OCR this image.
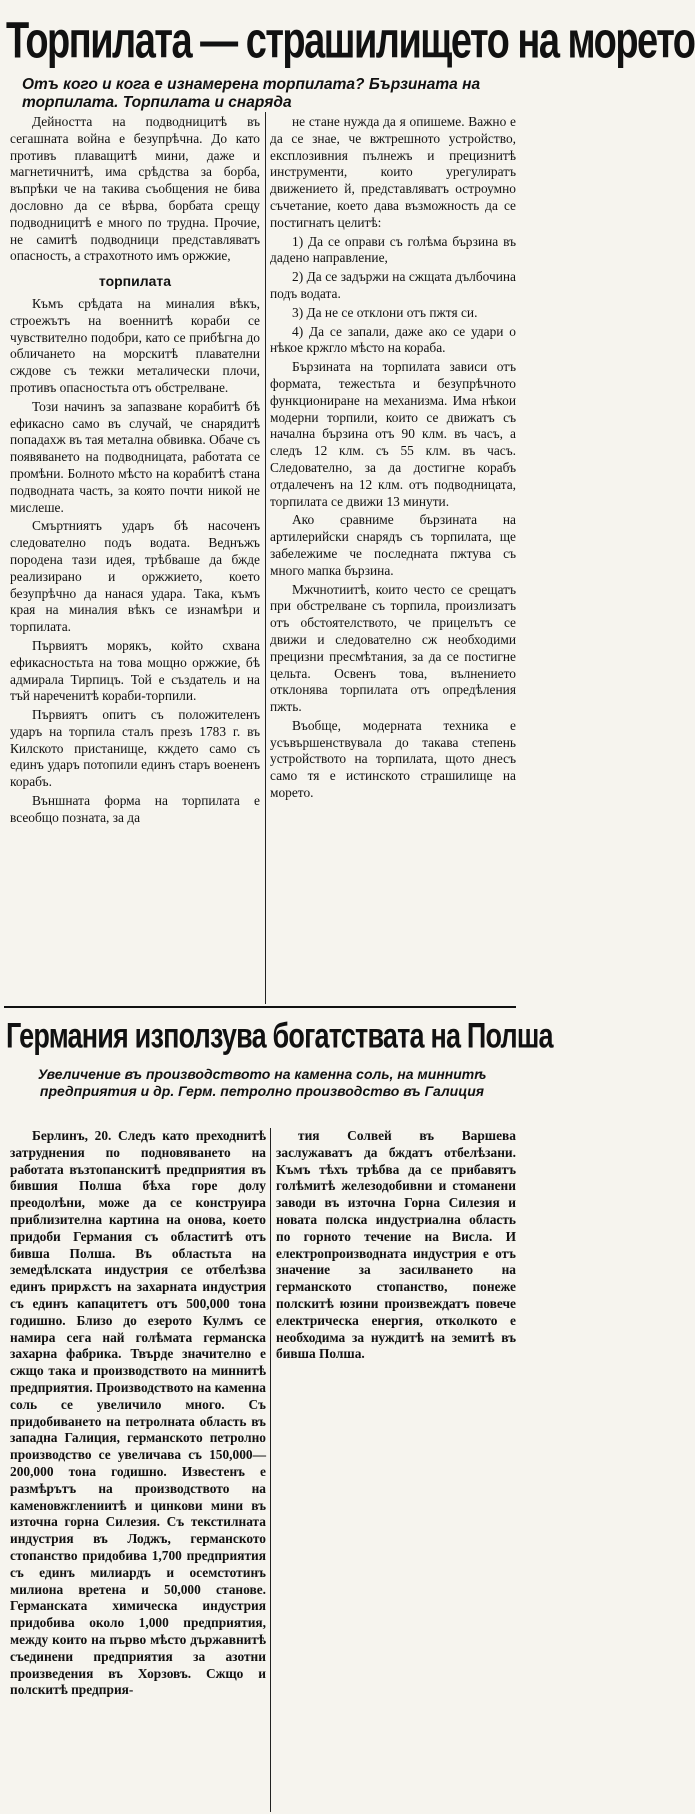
Торпилата — страшилището на морето
Отъ кого и кога е изнамерена торпилата? Бързината на торпилата. Торпилата и снаряда

Дейността на подводницитѣ въ сегашната война е безупрѣчна. До като противъ плаващитѣ мини, даже и магнетичнитѣ, има срѣдства за борба, въпрѣки че на такива съобщения не бива дословно да се вѣрва, борбата срещу подводницитѣ е много по трудна. Прочие, не самитѣ подводници представляватъ опасность, а страхотното имъ оржжие,

торпилата

Къмъ срѣдата на миналия вѣкъ, строежътъ на военнитѣ кораби се чувствително подобри, като се прибѣгна до обличането на морскитѣ плавателни сждове съ тежки металически плочи, противъ опасностьта отъ обстрелване.

Този начинъ за запазване корабитѣ бѣ ефикасно само въ случай, че снарядитѣ попадахж въ тая метална обвивка. Обаче съ появяването на подводницата, работата се промѣни. Болното мѣсто на корабитѣ стана подводната часть, за която почти никой не мислеше.

Смъртниятъ ударъ бѣ насоченъ следователно подъ водата. Веднъжъ породена тази идея, трѣбваше да бжде реализирано и оржжието, което безупрѣчно да нанася удара. Така, къмъ края на миналия вѣкъ се изнамѣри и торпилата.

Първиятъ морякъ, който схвана ефикасностьта на това мощно оржжие, бѣ адмирала Тирпицъ. Той е създатель и на тъй нареченитѣ кораби-торпили.

Първиятъ опитъ съ положителенъ ударъ на торпила сталъ презъ 1783 г. въ Килското пристанище, кждето само съ единъ ударъ потопили единъ старъ воененъ корабъ.

Външната форма на торпилата е всеобщо позната, за да

не стане нужда да я опишеме. Важно е да се знае, че вжтрешното устройство, експлозивния пълнежъ и прецизнитѣ инструменти, които урегулиратъ движението й, представляватъ остроумно съчетание, което дава възможность да се постигнатъ целитѣ:

1) Да се оправи съ голѣма бързина въ дадено направление,

2) Да се задържи на сжщата дълбочина подъ водата.

3) Да не се отклони отъ пжтя си.

4) Да се запали, даже ако се удари о нѣкое кржгло мѣсто на кораба.

Бързината на торпилата зависи отъ формата, тежестьта и безупрѣчното функциониране на механизма. Има нѣкои модерни торпили, които се движатъ съ начална бързина отъ 90 клм. въ часъ, а следъ 12 клм. съ 55 клм. въ часъ. Следователно, за да достигне корабъ отдалеченъ на 12 клм. отъ подводницата, торпилата се движи 13 минути.

Ако сравниме бързината на артилерийски снарядъ съ торпилата, ще забележиме че последната пжтува съ много мапка бързина.

Мжчнотиитѣ, които често се срещатъ при обстрелване съ торпила, произлизатъ отъ обстоятелството, че прицелътъ се движи и следователно сж необходими прецизни пресмѣтания, за да се постигне цельта. Освенъ това, вълнението отклонява торпилата отъ опредѣления пжть.

Въобще, модерната техника е усъвършенствувала до такава степень устройството на торпилата, щото днесъ само тя е истинското страшилище на морето.

Германия използува богатствата на Полша
Увеличение въ производството на каменна соль, на миннитѣ предприятия и др. Герм. петролно производство въ Галиция

Берлинъ, 20. Следъ като преходнитѣ затруднения по подновяването на работата възтопанскитѣ предприятия въ бившия Полша бѣха горе долу преодолѣни, може да се конструира приблизителна картина на онова, което придоби Германия съ областитѣ отъ бивша Полша. Въ областьта на земедѣлската индустрия се отбелѣзва единъ прирѫстъ на захарната индустрия съ единъ капацитетъ отъ 500,000 тона годишно. Близо до езерото Кулмъ се намира сега най голѣмата германска захарна фабрика. Твърде значително е сжщо така и производството на миннитѣ предприятия. Производството на каменна соль се увеличило много. Съ придобиването на петролната область въ западна Галиция, германското петролно производство се увеличава съ 150,000—200,000 тона годишно. Известенъ е размѣрътъ на производството на каменовжглениитѣ и цинкови мини въ източна горна Силезия. Съ текстилната индустрия въ Лоджъ, германското стопанство придобива 1,700 предприятия съ единъ милиардъ и осемстотинъ милиона вретена и 50,000 станове. Германската химическа индустрия придобива около 1,000 предприятия, между които на първо мѣсто държавнитѣ съединени предприятия за азотни произведения въ Хорзовъ. Сжщо и полскитѣ предприя-

тия Солвей въ Варшева заслужаватъ да бждатъ отбелѣзани. Къмъ тѣхъ трѣбва да се прибавятъ голѣмитѣ железодобивни и стоманени заводи въ източна Горна Силезия и новата полска индустриална область по горното течение на Висла. И електропроизводната индустрия е отъ значение за засилването на германското стопанство, понеже полскитѣ юзини произвеждатъ повече електрическа енергия, отколкото е необходима за нуждитѣ на земитѣ въ бивша Полша.
